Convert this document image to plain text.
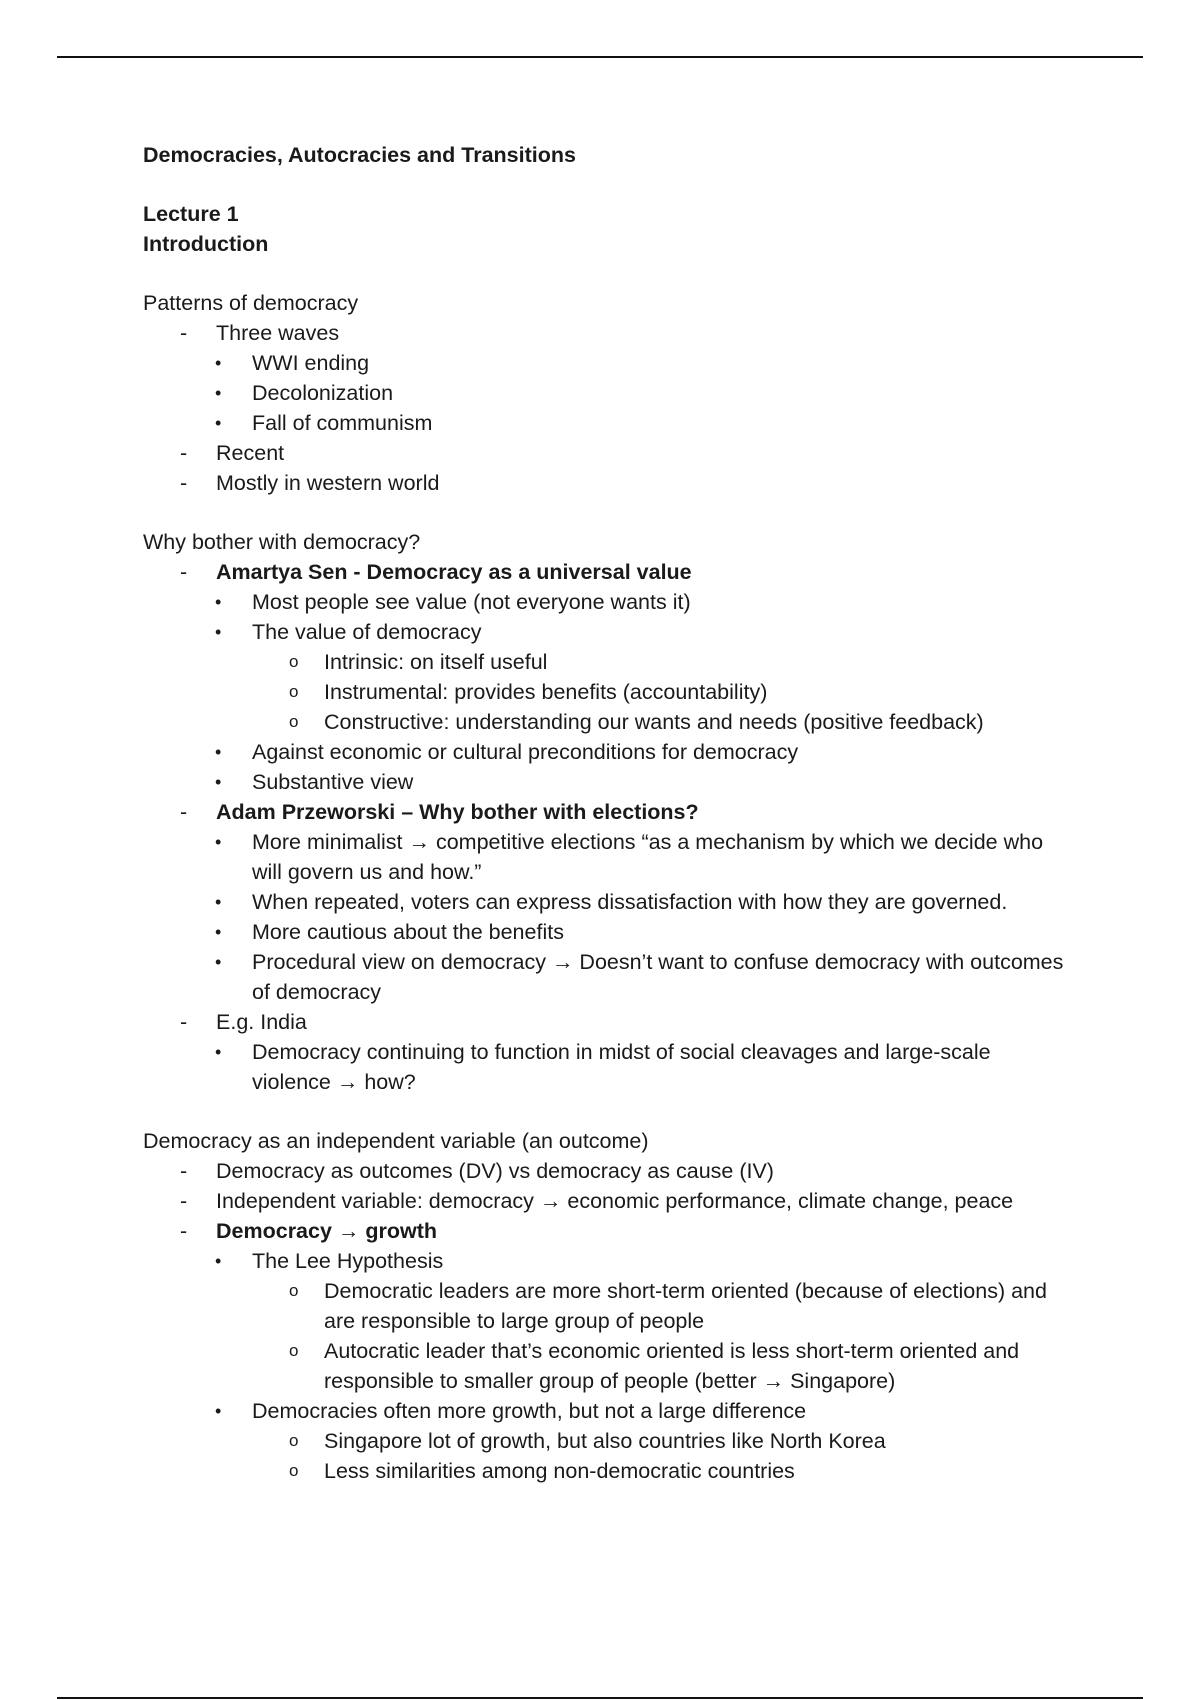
Democracies, Autocracies and Transitions
Lecture 1
Introduction
Patterns of democracy
- Three waves
• WWI ending
• Decolonization
• Fall of communism
- Recent
- Mostly in western world
Why bother with democracy?
- Amartya Sen - Democracy as a universal value
• Most people see value (not everyone wants it)
• The value of democracy
o Intrinsic: on itself useful
o Instrumental: provides benefits (accountability)
o Constructive: understanding our wants and needs (positive feedback)
• Against economic or cultural preconditions for democracy
• Substantive view
- Adam Przeworski – Why bother with elections?
• More minimalist → competitive elections “as a mechanism by which we decide who will govern us and how.”
• When repeated, voters can express dissatisfaction with how they are governed.
• More cautious about the benefits
• Procedural view on democracy → Doesn’t want to confuse democracy with outcomes of democracy
- E.g. India
• Democracy continuing to function in midst of social cleavages and large-scale violence → how?
Democracy as an independent variable (an outcome)
- Democracy as outcomes (DV) vs democracy as cause (IV)
- Independent variable: democracy → economic performance, climate change, peace
- Democracy → growth
• The Lee Hypothesis
o Democratic leaders are more short-term oriented (because of elections) and are responsible to large group of people
o Autocratic leader that’s economic oriented is less short-term oriented and responsible to smaller group of people (better → Singapore)
• Democracies often more growth, but not a large difference
o Singapore lot of growth, but also countries like North Korea
o Less similarities among non-democratic countries
